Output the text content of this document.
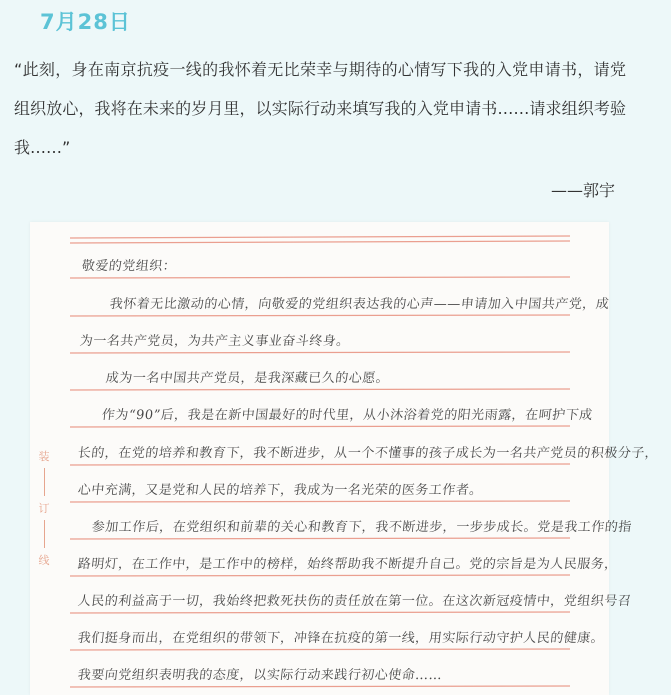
7月28日

“此刻，身在南京抗疫一线的我怀着无比荣幸与期待的心情写下我的入党申请书，请党组织放心，我将在未来的岁月里，以实际行动来填写我的入党申请书……请求组织考验我……”

——郭宇
装
订
线
敬爱的党组织：
我怀着无比激动的心情，向敬爱的党组织表达我的心声——申请加入中国共产党，成
为一名共产党员，为共产主义事业奋斗终身。
成为一名中国共产党员，是我深藏已久的心愿。
作为“90”后，我是在新中国最好的时代里，从小沐浴着党的阳光雨露，在呵护下成
长的，在党的培养和教育下，我不断进步，从一个不懂事的孩子成长为一名共产党员的积极分子，
心中充满，又是党和人民的培养下，我成为一名光荣的医务工作者。
参加工作后，在党组织和前辈的关心和教育下，我不断进步，一步步成长。党是我工作的指
路明灯，在工作中，是工作中的榜样，始终帮助我不断提升自己。党的宗旨是为人民服务，
人民的利益高于一切，我始终把救死扶伤的责任放在第一位。在这次新冠疫情中，党组织号召
我们挺身而出，在党组织的带领下，冲锋在抗疫的第一线，用实际行动守护人民的健康。
我要向党组织表明我的态度，以实际行动来践行初心使命……
